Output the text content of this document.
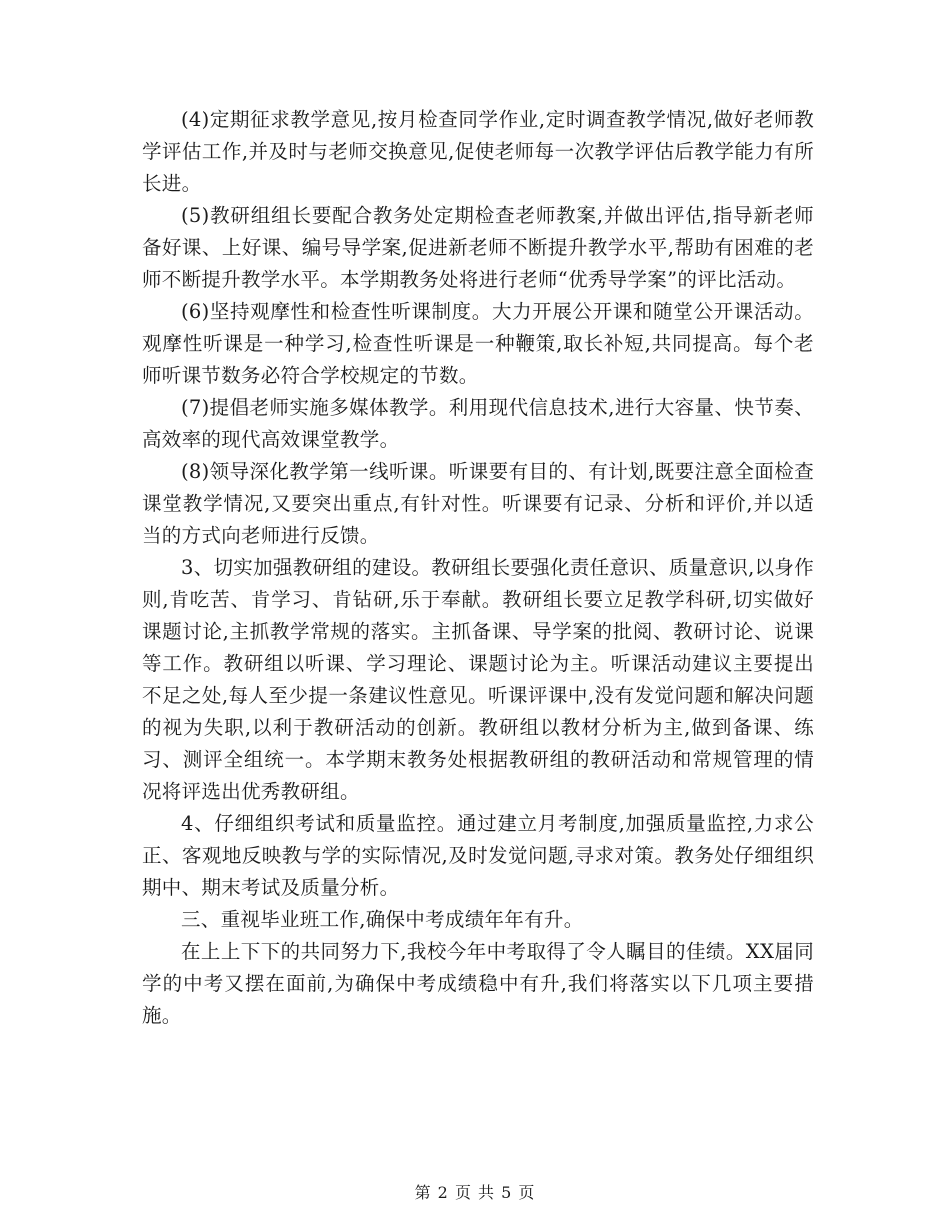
(4)定期征求教学意见,按月检查同学作业,定时调查教学情况,做好老师教学评估工作,并及时与老师交换意见,促使老师每一次教学评估后教学能力有所长进。

(5)教研组组长要配合教务处定期检查老师教案,并做出评估,指导新老师备好课、上好课、编号导学案,促进新老师不断提升教学水平,帮助有困难的老师不断提升教学水平。本学期教务处将进行老师“优秀导学案”的评比活动。

(6)坚持观摩性和检查性听课制度。大力开展公开课和随堂公开课活动。观摩性听课是一种学习,检查性听课是一种鞭策,取长补短,共同提高。每个老师听课节数务必符合学校规定的节数。

(7)提倡老师实施多媒体教学。利用现代信息技术,进行大容量、快节奏、高效率的现代高效课堂教学。

(8)领导深化教学第一线听课。听课要有目的、有计划,既要注意全面检查课堂教学情况,又要突出重点,有针对性。听课要有记录、分析和评价,并以适当的方式向老师进行反馈。

3、切实加强教研组的建设。教研组长要强化责任意识、质量意识,以身作则,肯吃苦、肯学习、肯钻研,乐于奉献。教研组长要立足教学科研,切实做好课题讨论,主抓教学常规的落实。主抓备课、导学案的批阅、教研讨论、说课等工作。教研组以听课、学习理论、课题讨论为主。听课活动建议主要提出不足之处,每人至少提一条建议性意见。听课评课中,没有发觉问题和解决问题的视为失职,以利于教研活动的创新。教研组以教材分析为主,做到备课、练习、测评全组统一。本学期末教务处根据教研组的教研活动和常规管理的情况将评选出优秀教研组。

4、仔细组织考试和质量监控。通过建立月考制度,加强质量监控,力求公正、客观地反映教与学的实际情况,及时发觉问题,寻求对策。教务处仔细组织期中、期末考试及质量分析。

三、重视毕业班工作,确保中考成绩年年有升。

在上上下下的共同努力下,我校今年中考取得了令人瞩目的佳绩。XX届同学的中考又摆在面前,为确保中考成绩稳中有升,我们将落实以下几项主要措施。

第 2 页 共 5 页
